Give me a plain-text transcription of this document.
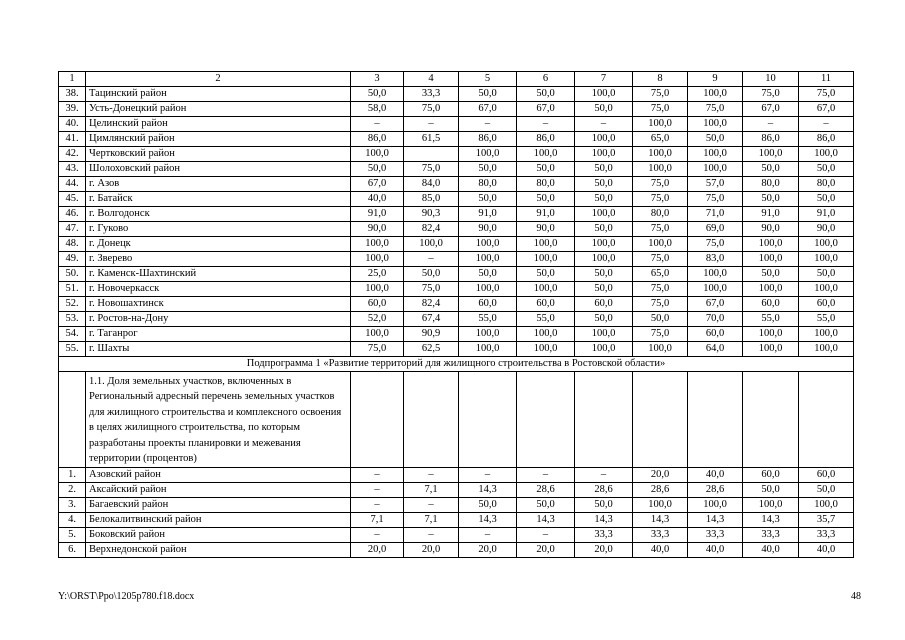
1	2	3	4	5	6	7	8	9	10	11
38.	Тацинский район	50,0	33,3	50,0	50,0	100,0	75,0	100,0	75,0	75,0
39.	Усть-Донецкий район	58,0	75,0	67,0	67,0	50,0	75,0	75,0	67,0	67,0
40.	Целинский район	–	–	–	–	–	100,0	100,0	–	–
41.	Цимлянский район	86,0	61,5	86,0	86,0	100,0	65,0	50,0	86,0	86,0
42.	Чертковский район	100,0		100,0	100,0	100,0	100,0	100,0	100,0	100,0
43.	Шолоховский район	50,0	75,0	50,0	50,0	50,0	100,0	100,0	50,0	50,0
44.	г. Азов	67,0	84,0	80,0	80,0	50,0	75,0	57,0	80,0	80,0
45.	г. Батайск	40,0	85,0	50,0	50,0	50,0	75,0	75,0	50,0	50,0
46.	г. Волгодонск	91,0	90,3	91,0	91,0	100,0	80,0	71,0	91,0	91,0
47.	г. Гуково	90,0	82,4	90,0	90,0	50,0	75,0	69,0	90,0	90,0
48.	г. Донецк	100,0	100,0	100,0	100,0	100,0	100,0	75,0	100,0	100,0
49.	г. Зверево	100,0	–	100,0	100,0	100,0	75,0	83,0	100,0	100,0
50.	г. Каменск-Шахтинский	25,0	50,0	50,0	50,0	50,0	65,0	100,0	50,0	50,0
51.	г. Новочеркасск	100,0	75,0	100,0	100,0	50,0	75,0	100,0	100,0	100,0
52.	г. Новошахтинск	60,0	82,4	60,0	60,0	60,0	75,0	67,0	60,0	60,0
53.	г. Ростов-на-Дону	52,0	67,4	55,0	55,0	50,0	50,0	70,0	55,0	55,0
54.	г. Таганрог	100,0	90,9	100,0	100,0	100,0	75,0	60,0	100,0	100,0
55.	г. Шахты	75,0	62,5	100,0	100,0	100,0	100,0	64,0	100,0	100,0
Подпрограмма 1 «Развитие территорий для жилищного строительства в Ростовской области»										
	1.1. Доля земельных участков, включенных в Региональный адресный перечень земельных участков для жилищного строительства и комплексного освоения в целях жилищного строительства, по которым разработаны проекты планировки и межевания территории (процентов)									
1.	Азовский район	–	–	–	–	–	20,0	40,0	60,0	60,0
2.	Аксайский район	–	7,1	14,3	28,6	28,6	28,6	28,6	50,0	50,0
3.	Багаевский район	–	–	50,0	50,0	50,0	100,0	100,0	100,0	100,0
4.	Белокалитвинский район	7,1	7,1	14,3	14,3	14,3	14,3	14,3	14,3	35,7
5.	Боковский район	–	–	–	–	33,3	33,3	33,3	33,3	33,3
6.	Верхнедонской район	20,0	20,0	20,0	20,0	20,0	40,0	40,0	40,0	40,0
Y:\ORST\Ppo\1205p780.f18.docx	48
